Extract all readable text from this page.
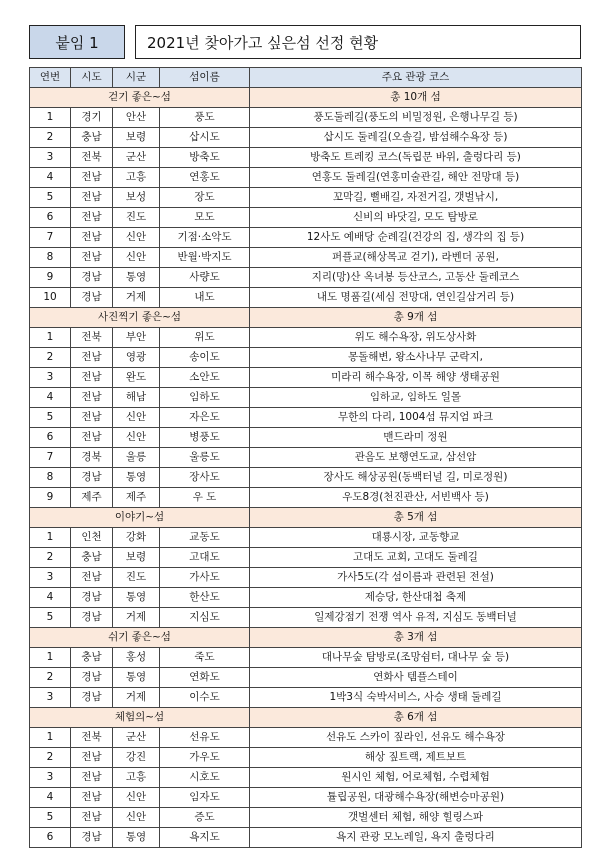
붙임 1	2021년 찾아가고 싶은섬 선정 현황
연번	시도	시군	섬이름	주요 관광 코스
걷기 좋은~섬				총 10개 섬
1	경기	안산	풍도	풍도둘레길(풍도의 비밀정원, 은행나무길 등)
2	충남	보령	삽시도	삽시도 둘레길(오솔길, 밤섬해수욕장 등)
3	전북	군산	방축도	방축도 트레킹 코스(독립문 바위, 출렁다리 등)
4	전남	고흥	연홍도	연홍도 둘레길(연홍미술관길, 해안 전망대 등)
5	전남	보성	장도	꼬막길, 뻘배길, 자전거길, 갯벌낚시,
6	전남	진도	모도	신비의 바닷길, 모도 탐방로
7	전남	신안	기점·소악도	12사도 예배당 순례길(건강의 집, 생각의 집 등)
8	전남	신안	반월·박지도	퍼플교(해상목교 걷기), 라벤더 공원,
9	경남	통영	사량도	지리(망)산 옥녀봉 등산코스, 고동산 둘레코스
10	경남	거제	내도	내도 명품길(세심 전망대, 연인길삼거리 등)
사진찍기 좋은~섬				총 9개 섬
1	전북	부안	위도	위도 해수욕장, 위도상사화
2	전남	영광	송이도	몽돌해변, 왕소사나무 군락지,
3	전남	완도	소안도	미라리 해수욕장, 이목 해양 생태공원
4	전남	해남	임하도	임하교, 임하도 일몰
5	전남	신안	자은도	무한의 다리, 1004섬 뮤지엄 파크
6	전남	신안	병풍도	맨드라미 정원
7	경북	울릉	울릉도	관음도 보행연도교, 삼선암
8	경남	통영	장사도	장사도 해상공원(동백터널 길, 미로정원)
9	제주	제주	우 도	우도8경(천진관산, 서빈백사 등)
이야기~섬				총 5개 섬
1	인천	강화	교동도	대룡시장, 교동향교
2	충남	보령	고대도	고대도 교회, 고대도 둘레길
3	전남	진도	가사도	가사5도(각 섬이름과 관련된 전설)
4	경남	통영	한산도	제승당, 한산대첩 축제
5	경남	거제	지심도	일제강점기 전쟁 역사 유적, 지심도 동백터널
쉬기 좋은~섬				총 3개 섬
1	충남	홍성	죽도	대나무숲 탐방로(조망쉼터, 대나무 숲 등)
2	경남	통영	연화도	연화사 템플스테이
3	경남	거제	이수도	1박3식 숙박서비스, 사승 생태 둘레길
체험의~섬				총 6개 섬
1	전북	군산	선유도	선유도 스카이 짚라인, 선유도 해수욕장
2	전남	강진	가우도	해상 짚트랙, 제트보트
3	전남	고흥	시호도	원시인 체험, 어로체험, 수렵체험
4	전남	신안	임자도	튤립공원, 대광해수욕장(해변승마공원)
5	전남	신안	증도	갯벌센터 체험, 해양 힐링스파
6	경남	통영	욕지도	욕지 관광 모노레일, 욕지 출렁다리
